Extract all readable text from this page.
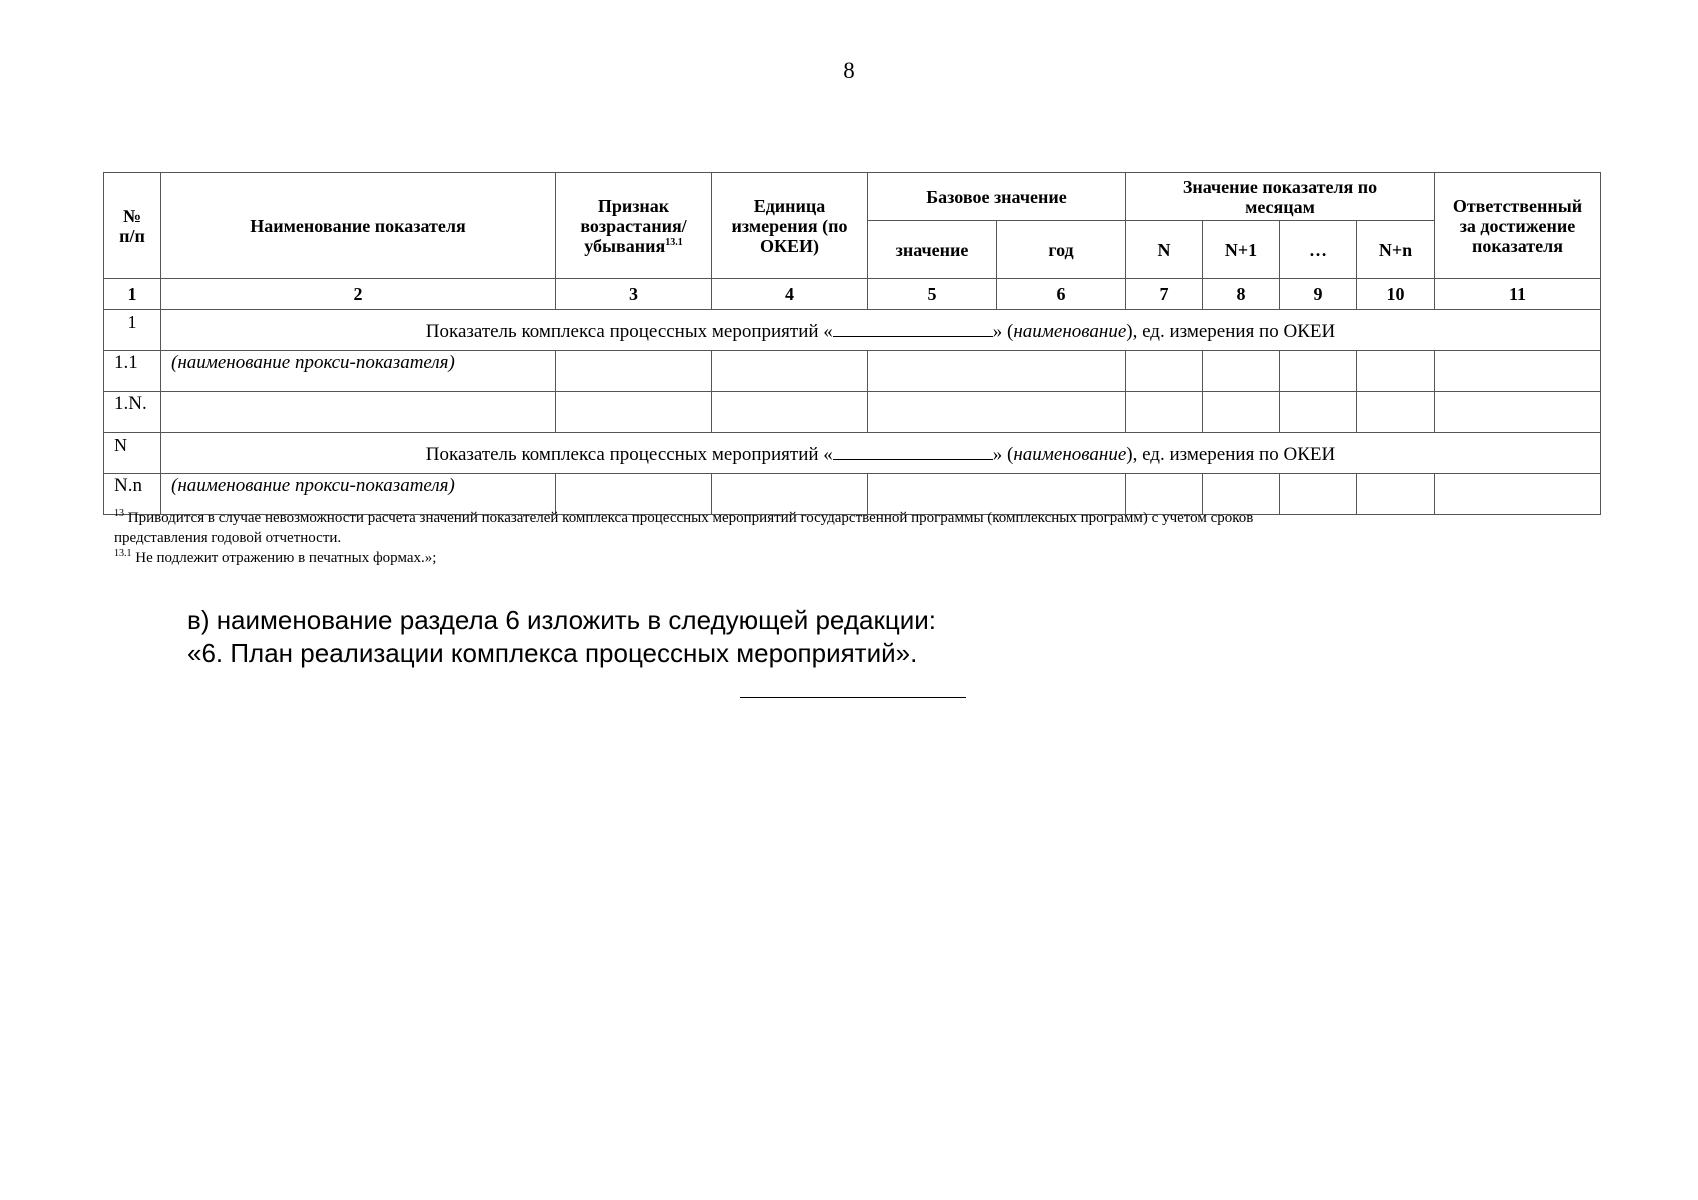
8
№
п/п	Наименование показателя	Признак
возрастания/
убывания$^{13.1}$	Единица
измерения (по
ОКЕИ)	Базовое значение		Значение показателя по
месяцам				Ответственный
за достижение
показателя
				значение	год	N	N+1	…	N+n	
1	2	3	4	5	6	7	8	9	10	11
1	Показатель комплекса процессных мероприятий « » (наименование), ед. измерения по ОКЕИ									
1.1	(наименование прокси-показателя)									
1.N.										
N	Показатель комплекса процессных мероприятий « » (наименование), ед. измерения по ОКЕИ									
N.n	(наименование прокси-показателя)									

$^{13}$ Приводится в случае невозможности расчета значений показателей комплекса процессных мероприятий государственной программы (комплексных программ) с учетом сроков

представления годовой отчетности.

$^{13.1}$ Не подлежит отражению в печатных формах.»;

в) наименование раздела 6 изложить в следующей редакции:

«6. План реализации комплекса процессных мероприятий».
